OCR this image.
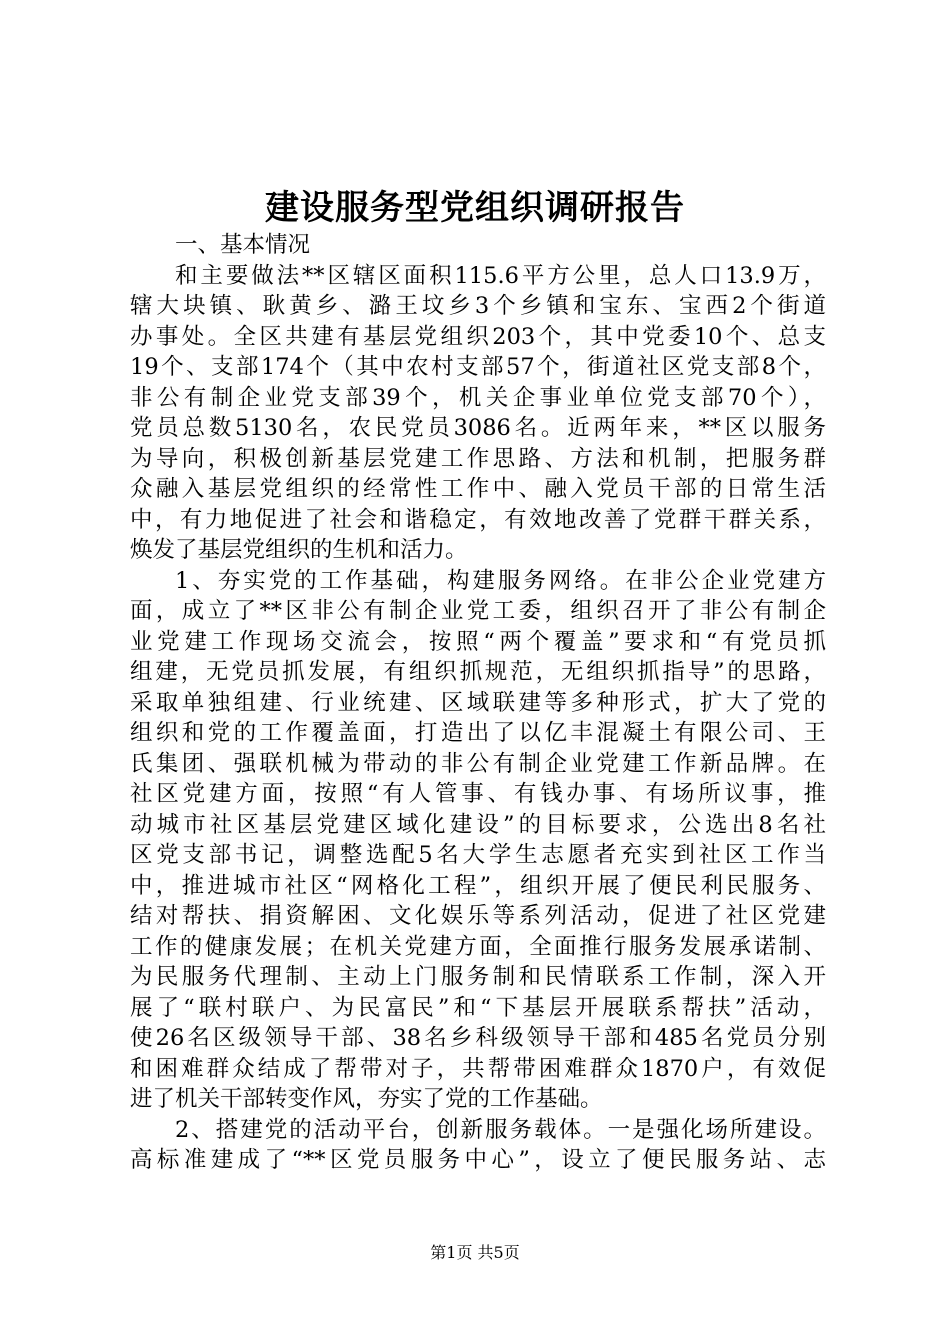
建设服务型党组织调研报告
一、基本情况
和主要做法**区辖区面积115.6平方公里，总人口13.9万，
辖大块镇、耿黄乡、潞王坟乡3个乡镇和宝东、宝西2个街道
办事处。全区共建有基层党组织203个，其中党委10个、总支
19个、支部174个（其中农村支部57个，街道社区党支部8个，
非公有制企业党支部39个，机关企事业单位党支部70个），
党员总数5130名，农民党员3086名。近两年来，**区以服务
为导向，积极创新基层党建工作思路、方法和机制，把服务群
众融入基层党组织的经常性工作中、融入党员干部的日常生活
中，有力地促进了社会和谐稳定，有效地改善了党群干群关系，
焕发了基层党组织的生机和活力。
1、夯实党的工作基础，构建服务网络。在非公企业党建方
面，成立了**区非公有制企业党工委，组织召开了非公有制企
业党建工作现场交流会，按照“两个覆盖”要求和“有党员抓
组建，无党员抓发展，有组织抓规范，无组织抓指导”的思路，
采取单独组建、行业统建、区域联建等多种形式，扩大了党的
组织和党的工作覆盖面，打造出了以亿丰混凝土有限公司、王
氏集团、强联机械为带动的非公有制企业党建工作新品牌。在
社区党建方面，按照“有人管事、有钱办事、有场所议事，推
动城市社区基层党建区域化建设”的目标要求，公选出8名社
区党支部书记，调整选配5名大学生志愿者充实到社区工作当
中，推进城市社区“网格化工程”，组织开展了便民利民服务、
结对帮扶、捐资解困、文化娱乐等系列活动，促进了社区党建
工作的健康发展；在机关党建方面，全面推行服务发展承诺制、
为民服务代理制、主动上门服务制和民情联系工作制，深入开
展了“联村联户、为民富民”和“下基层开展联系帮扶”活动，
使26名区级领导干部、38名乡科级领导干部和485名党员分别
和困难群众结成了帮带对子，共帮带困难群众1870户，有效促
进了机关干部转变作风，夯实了党的工作基础。
2、搭建党的活动平台，创新服务载体。一是强化场所建设。
高标准建成了“**区党员服务中心”，设立了便民服务站、志
第1页 共5页
